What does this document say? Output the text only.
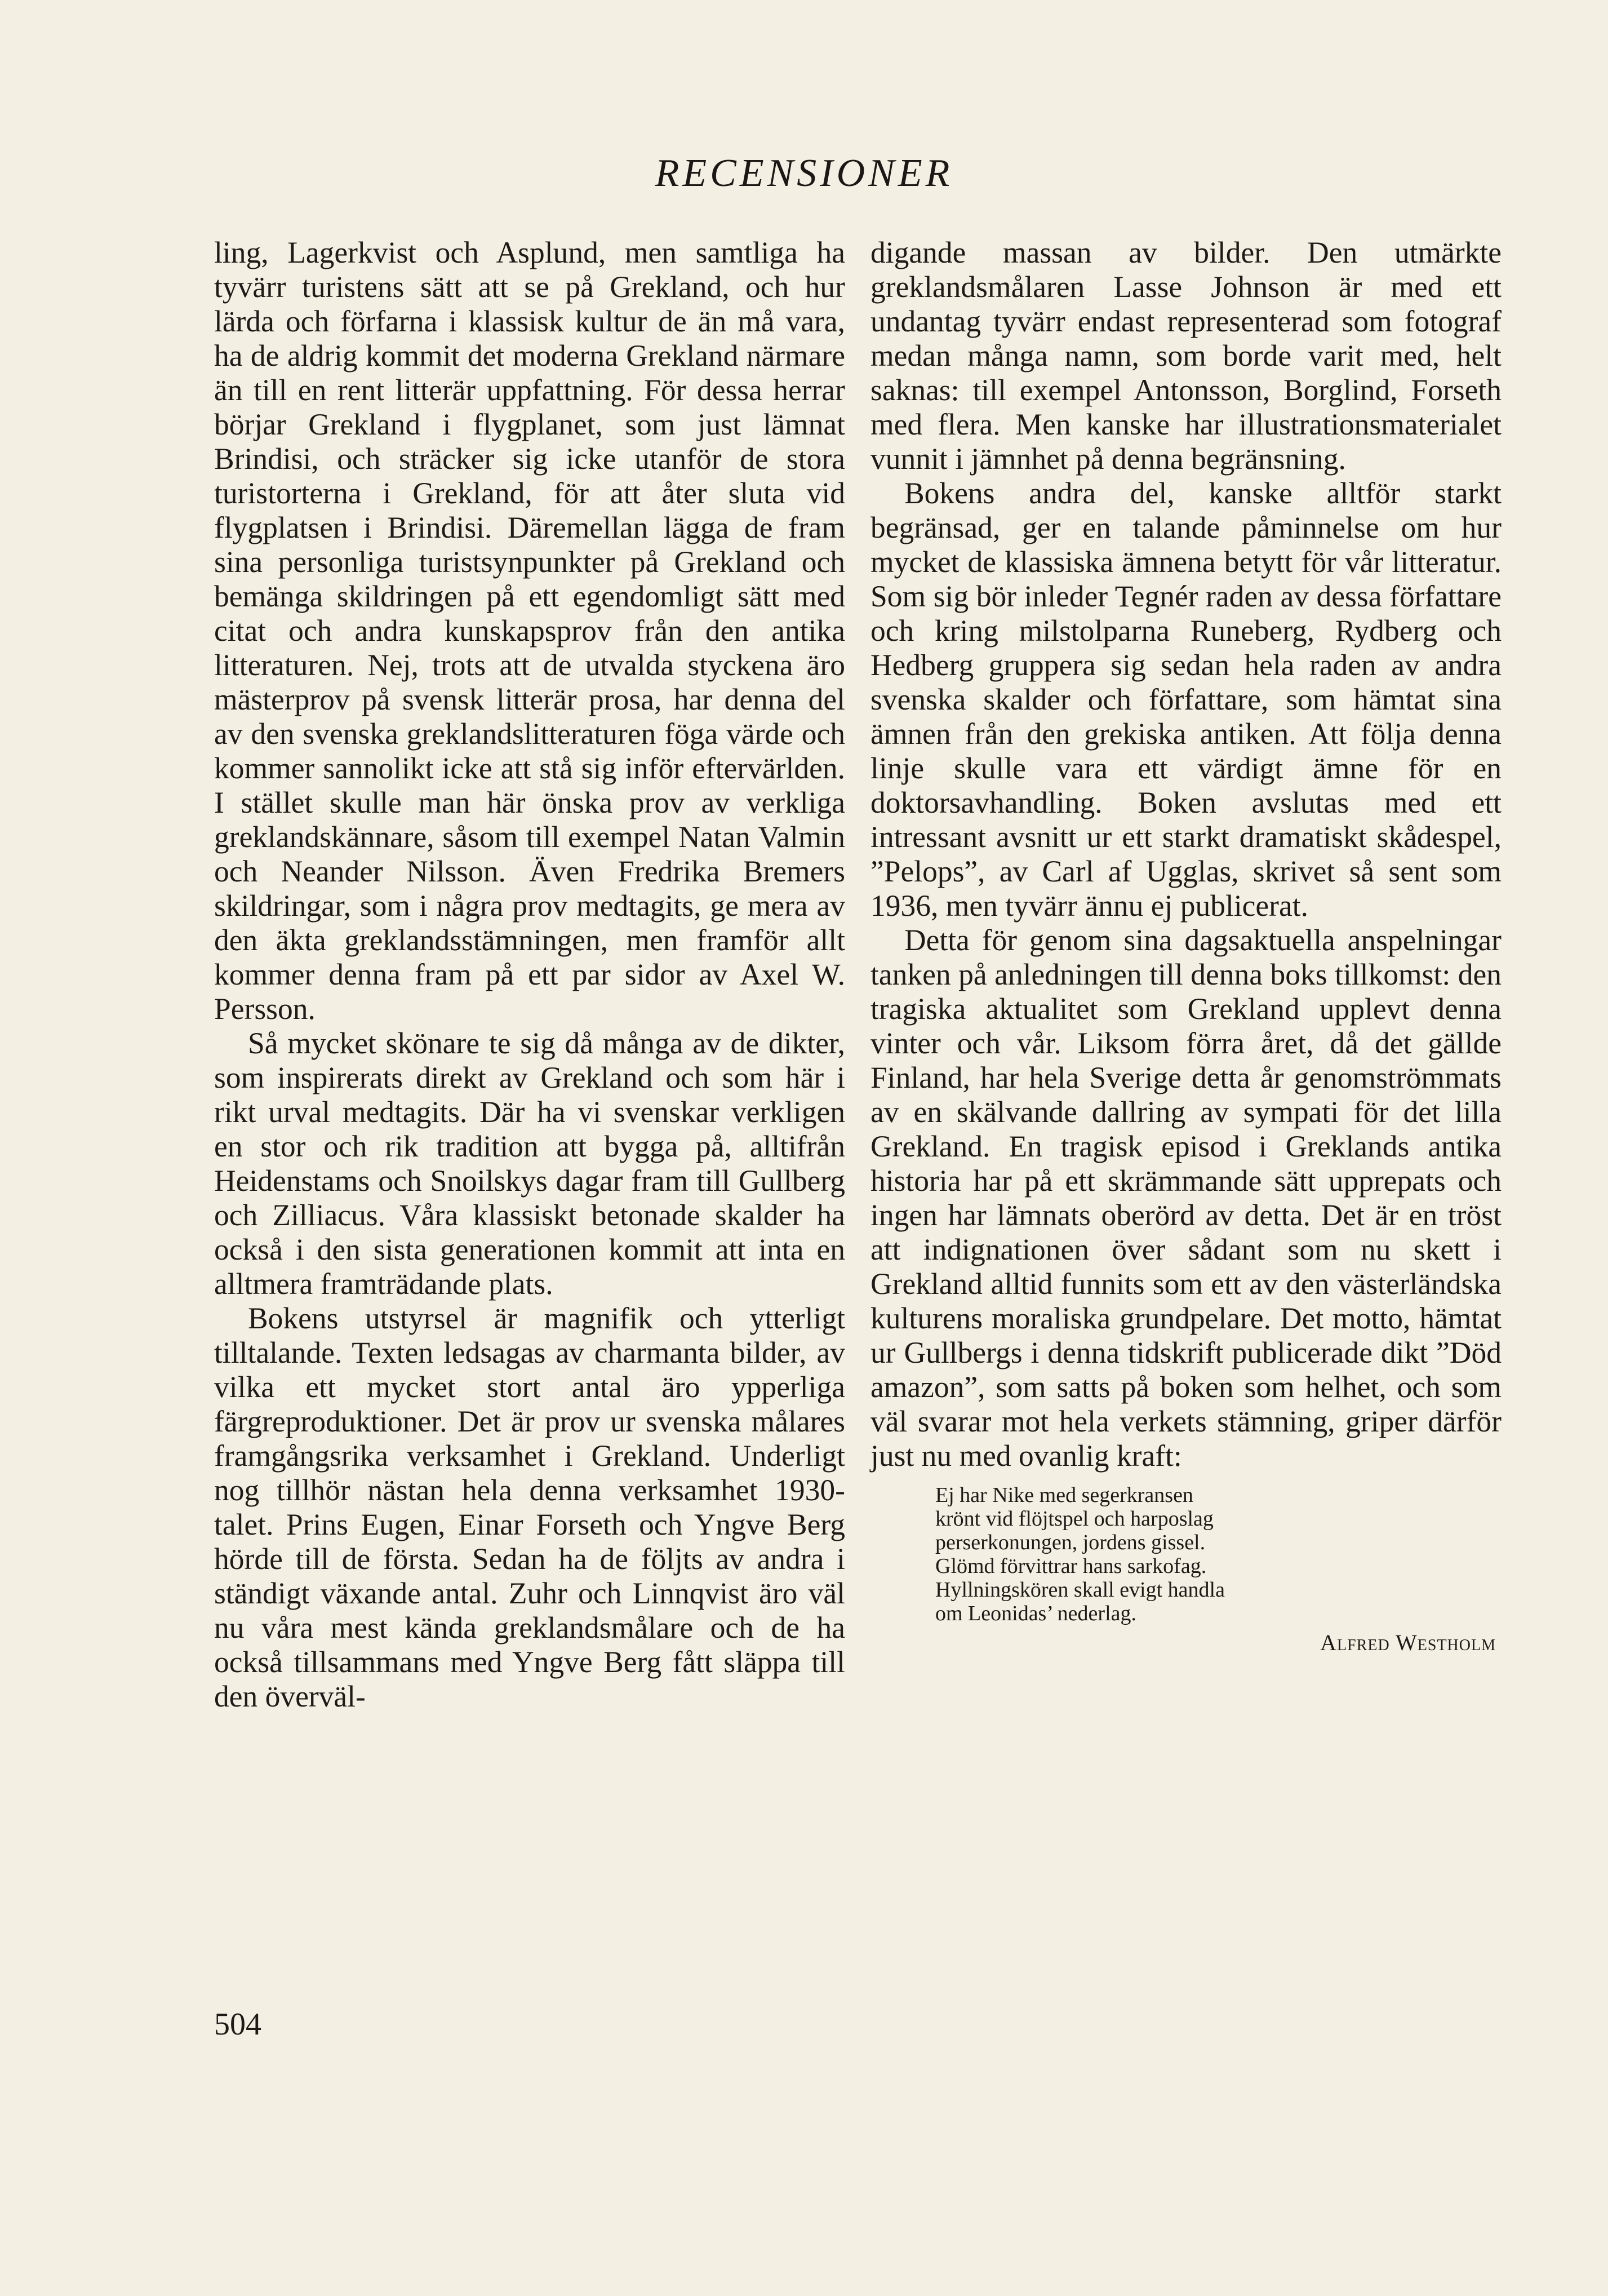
RECENSIONER

ling, Lagerkvist och Asplund, men samtliga ha tyvärr turistens sätt att se på Grekland, och hur lärda och förfarna i klassisk kultur de än må vara, ha de aldrig kommit det moderna Grekland närmare än till en rent litterär uppfattning. För dessa herrar börjar Grekland i flygplanet, som just lämnat Brindisi, och sträcker sig icke utanför de stora turistorterna i Grekland, för att åter sluta vid flygplatsen i Brindisi. Däremellan lägga de fram sina personliga turistsynpunkter på Grekland och bemänga skildringen på ett egendomligt sätt med citat och andra kunskapsprov från den antika litteraturen. Nej, trots att de utvalda styckena äro mästerprov på svensk litterär prosa, har denna del av den svenska greklandslitteraturen föga värde och kommer sannolikt icke att stå sig inför eftervärlden. I stället skulle man här önska prov av verkliga greklandskännare, såsom till exempel Natan Valmin och Neander Nilsson. Även Fredrika Bremers skildringar, som i några prov medtagits, ge mera av den äkta greklandsstämningen, men framför allt kommer denna fram på ett par sidor av Axel W. Persson.

Så mycket skönare te sig då många av de dikter, som inspirerats direkt av Grekland och som här i rikt urval medtagits. Där ha vi svenskar verkligen en stor och rik tradition att bygga på, alltifrån Heidenstams och Snoilskys dagar fram till Gullberg och Zilliacus. Våra klassiskt betonade skalder ha också i den sista generationen kommit att inta en alltmera framträdande plats.

Bokens utstyrsel är magnifik och ytterligt tilltalande. Texten ledsagas av charmanta bilder, av vilka ett mycket stort antal äro ypperliga färgreproduktioner. Det är prov ur svenska målares framgångsrika verksamhet i Grekland. Underligt nog tillhör nästan hela denna verksamhet 1930-talet. Prins Eugen, Einar Forseth och Yngve Berg hörde till de första. Sedan ha de följts av andra i ständigt växande antal. Zuhr och Linnqvist äro väl nu våra mest kända greklandsmålare och de ha också tillsammans med Yngve Berg fått släppa till den överväl-

digande massan av bilder. Den utmärkte greklandsmålaren Lasse Johnson är med ett undantag tyvärr endast representerad som fotograf medan många namn, som borde varit med, helt saknas: till exempel Antonsson, Borglind, Forseth med flera. Men kanske har illustrationsmaterialet vunnit i jämnhet på denna begränsning.

Bokens andra del, kanske alltför starkt begränsad, ger en talande påminnelse om hur mycket de klassiska ämnena betytt för vår litteratur. Som sig bör inleder Tegnér raden av dessa författare och kring milstolparna Runeberg, Rydberg och Hedberg gruppera sig sedan hela raden av andra svenska skalder och författare, som hämtat sina ämnen från den grekiska antiken. Att följa denna linje skulle vara ett värdigt ämne för en doktorsavhandling. Boken avslutas med ett intressant avsnitt ur ett starkt dramatiskt skådespel, ”Pelops”, av Carl af Ugglas, skrivet så sent som 1936, men tyvärr ännu ej publicerat.

Detta för genom sina dagsaktuella anspelningar tanken på anledningen till denna boks tillkomst: den tragiska aktualitet som Grekland upplevt denna vinter och vår. Liksom förra året, då det gällde Finland, har hela Sverige detta år genomströmmats av en skälvande dallring av sympati för det lilla Grekland. En tragisk episod i Greklands antika historia har på ett skrämmande sätt upprepats och ingen har lämnats oberörd av detta. Det är en tröst att indignationen över sådant som nu skett i Grekland alltid funnits som ett av den västerländska kulturens moraliska grundpelare. Det motto, hämtat ur Gullbergs i denna tidskrift publicerade dikt ”Död amazon”, som satts på boken som helhet, och som väl svarar mot hela verkets stämning, griper därför just nu med ovanlig kraft:

Ej har Nike med segerkransen
krönt vid flöjtspel och harposlag
perserkonungen, jordens gissel.
Glömd förvittrar hans sarkofag.
Hyllningskören skall evigt handla
om Leonidas’ nederlag.
Alfred Westholm
504
